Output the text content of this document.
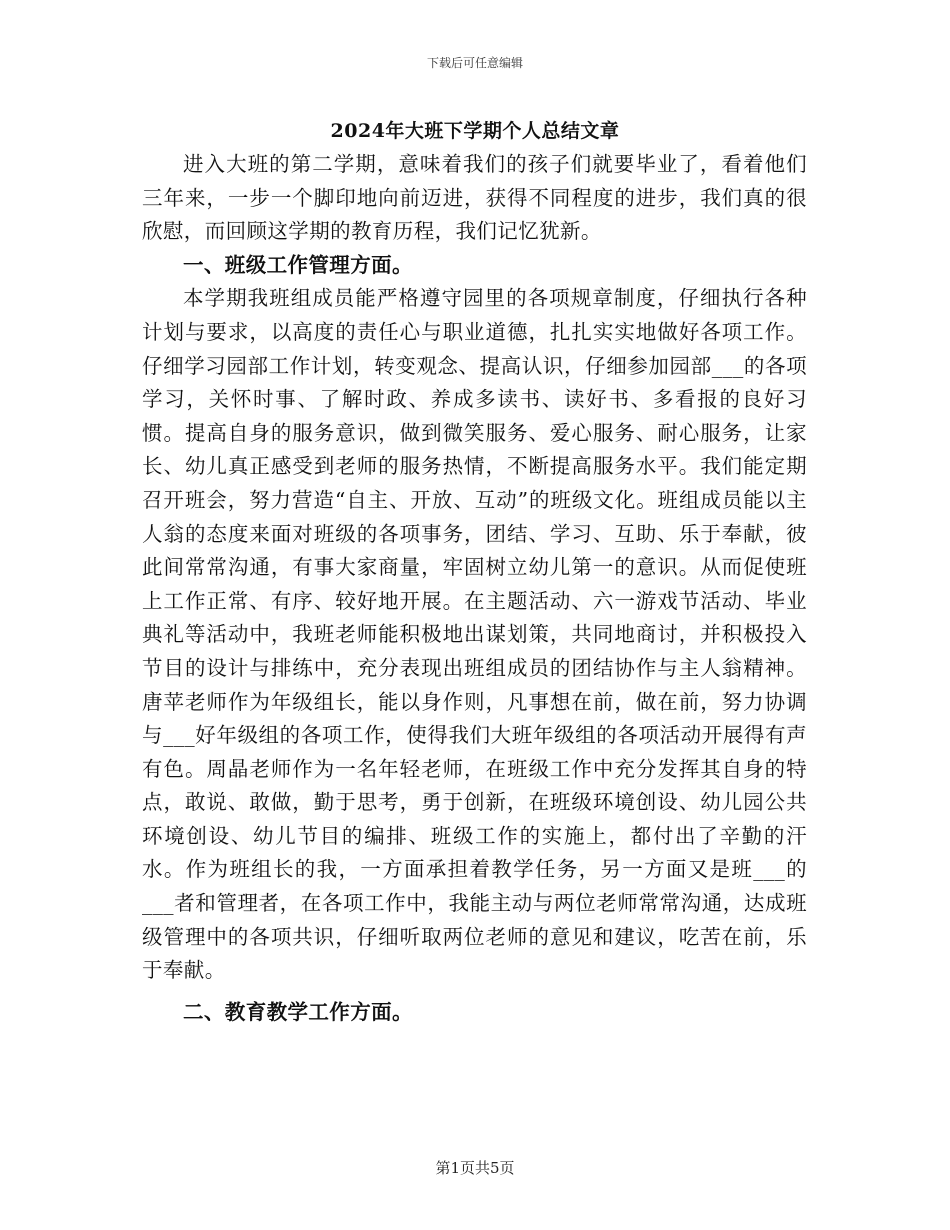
下载后可任意编辑
2024年大班下学期个人总结文章

进入大班的第二学期，意味着我们的孩子们就要毕业了，看着他们三年来，一步一个脚印地向前迈进，获得不同程度的进步，我们真的很欣慰，而回顾这学期的教育历程，我们记忆犹新。

一、班级工作管理方面。

本学期我班组成员能严格遵守园里的各项规章制度，仔细执行各种计划与要求，以高度的责任心与职业道德，扎扎实实地做好各项工作。仔细学习园部工作计划，转变观念、提高认识，仔细参加园部___的各项学习，关怀时事、了解时政、养成多读书、读好书、多看报的良好习惯。提高自身的服务意识，做到微笑服务、爱心服务、耐心服务，让家长、幼儿真正感受到老师的服务热情，不断提高服务水平。我们能定期召开班会，努力营造“自主、开放、互动”的班级文化。班组成员能以主人翁的态度来面对班级的各项事务，团结、学习、互助、乐于奉献，彼此间常常沟通，有事大家商量，牢固树立幼儿第一的意识。从而促使班上工作正常、有序、较好地开展。在主题活动、六一游戏节活动、毕业典礼等活动中，我班老师能积极地出谋划策，共同地商讨，并积极投入节目的设计与排练中，充分表现出班组成员的团结协作与主人翁精神。唐苹老师作为年级组长，能以身作则，凡事想在前，做在前，努力协调与___好年级组的各项工作，使得我们大班年级组的各项活动开展得有声有色。周晶老师作为一名年轻老师，在班级工作中充分发挥其自身的特点，敢说、敢做，勤于思考，勇于创新，在班级环境创设、幼儿园公共环境创设、幼儿节目的编排、班级工作的实施上，都付出了辛勤的汗水。作为班组长的我，一方面承担着教学任务，另一方面又是班___的___者和管理者，在各项工作中，我能主动与两位老师常常沟通，达成班级管理中的各项共识，仔细听取两位老师的意见和建议，吃苦在前，乐于奉献。

二、教育教学工作方面。

第1页共5页
